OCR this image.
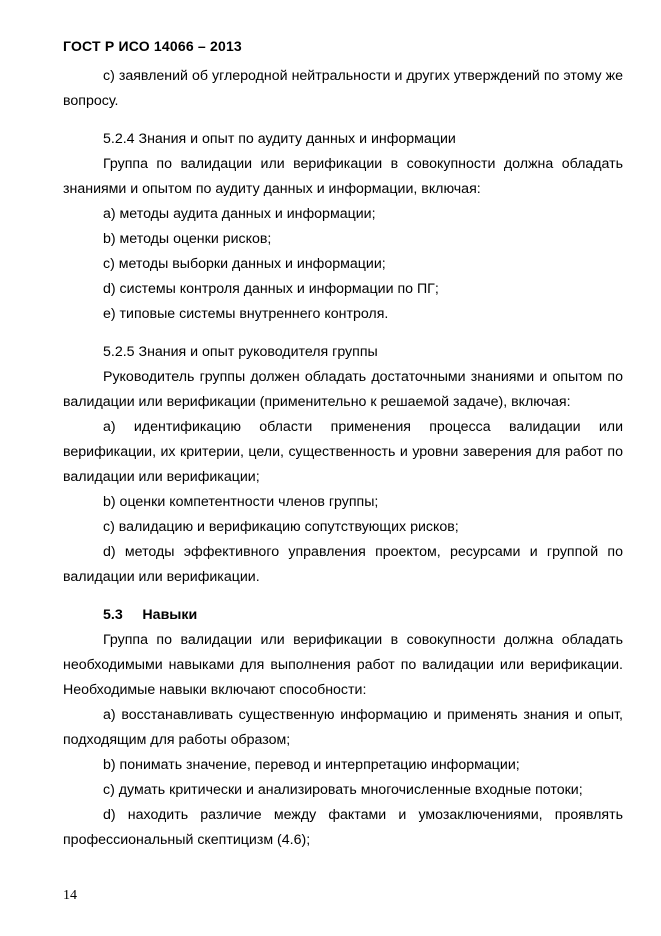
ГОСТ Р ИСО 14066 – 2013

c) заявлений об углеродной нейтральности и других утверждений по этому же вопросу.

5.2.4 Знания и опыт по аудиту данных и информации

Группа по валидации или верификации в совокупности должна обладать знаниями и опытом по аудиту данных и информации, включая:

a) методы аудита данных и информации;

b) методы оценки рисков;

c) методы выборки данных и информации;

d) системы контроля данных и информации по ПГ;

e) типовые системы внутреннего контроля.

5.2.5 Знания и опыт руководителя группы

Руководитель группы должен обладать достаточными знаниями и опытом по валидации или верификации (применительно к решаемой задаче), включая:

a) идентификацию области применения процесса валидации или верификации, их критерии, цели, существенность и уровни заверения для работ по валидации или верификации;

b) оценки компетентности членов группы;

c) валидацию и верификацию сопутствующих рисков;

d) методы эффективного управления проектом, ресурсами и группой по валидации или верификации.

5.3     Навыки

Группа по валидации или верификации в совокупности должна обладать необходимыми навыками для выполнения работ по валидации или верификации. Необходимые навыки включают способности:

a) восстанавливать существенную информацию и применять знания и опыт, подходящим для работы образом;

b) понимать значение, перевод и интерпретацию информации;

c) думать критически и анализировать многочисленные входные потоки;

d) находить различие между фактами и умозаключениями, проявлять профессиональный скептицизм (4.6);

14
